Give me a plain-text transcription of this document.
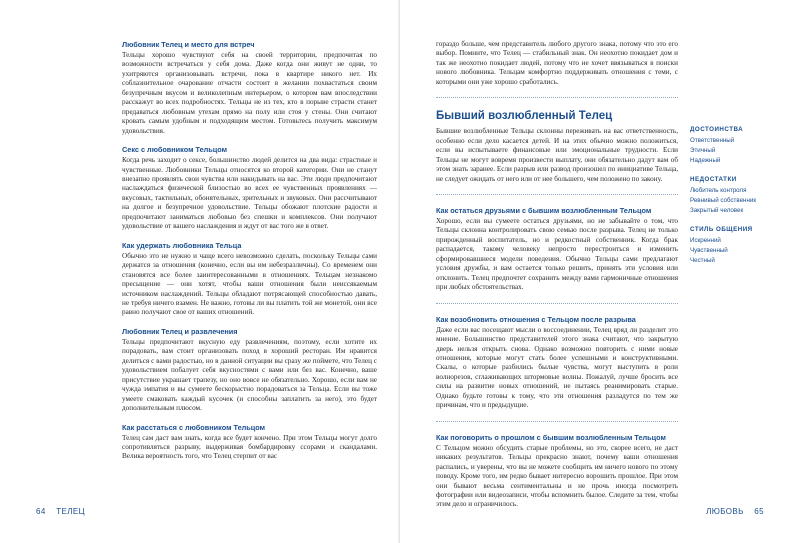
Любовник Телец и место для встреч

Тельцы хорошо чувствуют себя на своей территории, предпочитая по возможности встречаться у себя дома. Даже когда они живут не одни, то ухитряются организовывать встречи, пока в квартире никого нет. Их соблазнительное очарование отчасти состоит в желании похвастаться своим безупречным вкусом и великолепным интерьером, о котором вам впоследствии расскажут во всех подробностях. Тельцы не из тех, кто в порыве страсти станет предаваться любовным утехам прямо на полу или стоя у стены. Они считают кровать самым удобным и подходящим местом. Готовьтесь получить максимум удовольствия.

Секс с любовником Тельцом

Когда речь заходит о сексе, большинство людей делится на два вида: страстные и чувственные. Любовники Тельцы относятся ко второй категории. Они не станут внезапно проявлять свои чувства или накидывать на вас. Эти люди предпочитают наслаждаться физической близостью во всех ее чувственных проявлениях — вкусовых, тактильных, обонятельных, зрительных и звуковых. Они рассчитывают на долгое и безупречное удовольствие. Тельцы обожают плотские радости и предпочитают заниматься любовью без спешки и комплексов. Они получают удовольствие от вашего наслаждения и ждут от вас того же в ответ.

Как удержать любовника Тельца

Обычно это не нужно и чаще всего невозможно сделать, поскольку Тельцы сами держатся за отношения (конечно, если вы им небезразличны). Со временем они становятся все более заинтересованными в отношениях. Тельцам незнакомо пресыщение — они хотят, чтобы ваши отношения были неиссякаемым источником наслаждений. Тельцы обладают потрясающей способностью давать, не требуя ничего взамен. Не важно, готовы ли вы платить той же монетой, они все равно получают свое от ваших отношений.

Любовник Телец и развлечения

Тельцы предпочитают вкусную еду развлечениям, поэтому, если хотите их порадовать, вам стоит организовать поход в хороший ресторан. Им нравится делиться с вами радостью, но в данной ситуации вы сразу же поймете, что Телец с удовольствием побалует себя вкусностями с вами или без вас. Конечно, ваше присутствие украшает трапезу, но оно вовсе не обязательно. Хорошо, если вам не чужда эмпатия и вы сумеете бескорыстно порадоваться за Тельца. Если вы тоже умеете смаковать каждый кусочек (и способны заплатить за него), это будет дополнительным плюсом.

Как расстаться с любовником Тельцом

Телец сам даст вам знать, когда все будет кончено. При этом Тельцы могут долго сопротивляться разрыву, выдерживая бомбардировку ссорами и скандалами. Велика вероятность того, что Телец стерпит от вас

64 ТЕЛЕЦ

гораздо больше, чем представитель любого другого знака, потому что это его выбор. Помните, что Телец — стабильный знак. Он неохотно покидает дом и так же неохотно покидает людей, потому что не хочет ввязываться в поиски нового любовника. Тельцам комфортно поддерживать отношения с теми, с которыми они уже хорошо сработались.

Бывший возлюбленный Телец

Бывшие возлюбленные Тельцы склонны переживать на вас ответственность, особенно если дело касается детей. И на этих обычно можно положиться, если вы испытываете финансовые или эмоциональные трудности. Если Тельцы не могут вовремя произвести выплату, они обязательно дадут вам об этом знать заранее. Если разрыв или развод произошел по инициативе Тельца, не следует ожидать от него или от нее большего, чем положено по закону.

Как остаться друзьями с бывшим возлюбленным Тельцом

Хорошо, если вы сумеете остаться друзьями, но не забывайте о том, что Тельцы склонна контролировать свою семью после разрыва. Телец не только прирожденный воспитатель, но и редкостный собственник. Когда брак распадается, такому человеку непросто перестроиться и изменить сформировавшиеся модели поведения. Обычно Тельцы сами предлагают условия дружбы, и вам остается только решить, принять эти условия или отклонить. Телец предпочтет сохранить между вами гармоничные отношения при любых обстоятельствах.

Как возобновить отношения с Тельцом после разрыва

Даже если вас посещают мысли о воссоединении, Телец вряд ли разделит это мнение. Большинство представителей этого знака считают, что закрытую дверь нельзя открыть снова. Однако возможно повторить с ними новые отношения, которые могут стать более успешными и конструктивными. Скалы, о которые разбились былые чувства, могут выступить в роли волнорезов, сглаживающих штормовые волны. Пожалуй, лучше бросить все силы на развитие новых отношений, не пытаясь реанимировать старые. Однако будьте готовы к тому, что эти отношения разладутся по тем же причинам, что и предыдущие.

Как поговорить о прошлом с бывшим возлюбленным Тельцом

С Тельцом можно обсудить старые проблемы, но это, скорее всего, не даст никаких результатов. Тельцы прекрасно знают, почему ваши отношения распались, и уверены, что вы не можете сообщить им ничего нового по этому поводу. Кроме того, им редко бывает интересно ворошить прошлое. При этом они бывают весьма сентиментальны и не прочь иногда посмотреть фотографии или видеозаписи, чтобы вспомнить былое. Следите за тем, чтобы этим дело и ограничилось.

ДОСТОИНСТВА
Ответственный
Этичный
Надежный
НЕДОСТАТКИ
Любитель контроля
Ревнивый собственник
Закрытый человек
СТИЛЬ ОБЩЕНИЯ
Искренний
Чувственный
Честный
ЛЮБОВЬ 65
